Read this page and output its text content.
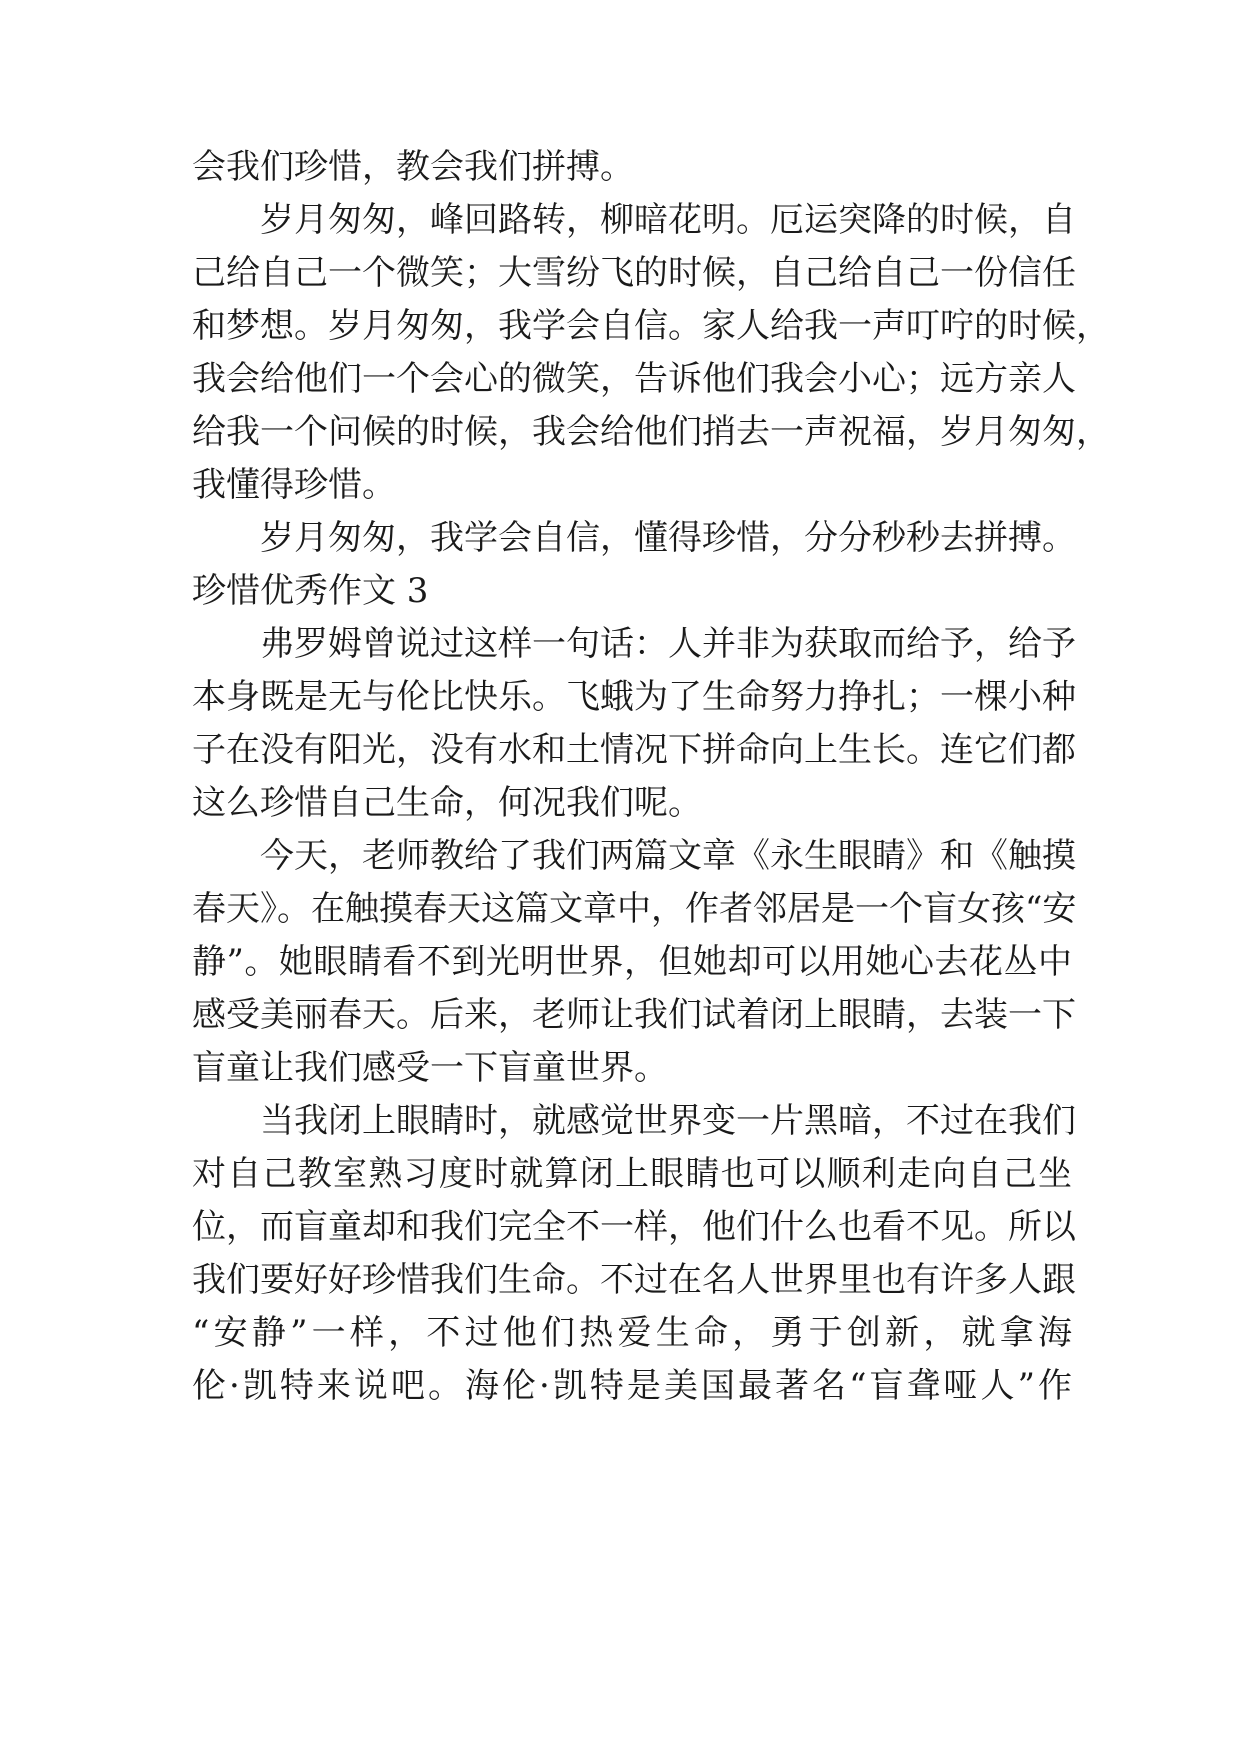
会我们珍惜，教会我们拼搏。
岁月匆匆，峰回路转，柳暗花明。厄运突降的时候，自
己给自己一个微笑；大雪纷飞的时候，自己给自己一份信任
和梦想。岁月匆匆，我学会自信。家人给我一声叮咛的时候，
我会给他们一个会心的微笑，告诉他们我会小心；远方亲人
给我一个问候的时候，我会给他们捎去一声祝福，岁月匆匆，
我懂得珍惜。
岁月匆匆，我学会自信，懂得珍惜，分分秒秒去拼搏。
珍惜优秀作文 3
弗罗姆曾说过这样一句话：人并非为获取而给予，给予
本身既是无与伦比快乐。飞蛾为了生命努力挣扎；一棵小种
子在没有阳光，没有水和土情况下拼命向上生长。连它们都
这么珍惜自己生命，何况我们呢。
今天，老师教给了我们两篇文章《永生眼睛》和《触摸
春天》。在触摸春天这篇文章中，作者邻居是一个盲女孩“安
静”。她眼睛看不到光明世界，但她却可以用她心去花丛中
感受美丽春天。后来，老师让我们试着闭上眼睛，去装一下
盲童让我们感受一下盲童世界。
当我闭上眼睛时，就感觉世界变一片黑暗，不过在我们
对自己教室熟习度时就算闭上眼睛也可以顺利走向自己坐
位，而盲童却和我们完全不一样，他们什么也看不见。所以
我们要好好珍惜我们生命。不过在名人世界里也有许多人跟
“安静”一样，不过他们热爱生命，勇于创新，就拿海
伦·凯特来说吧。海伦·凯特是美国最著名“盲聋哑人”作
